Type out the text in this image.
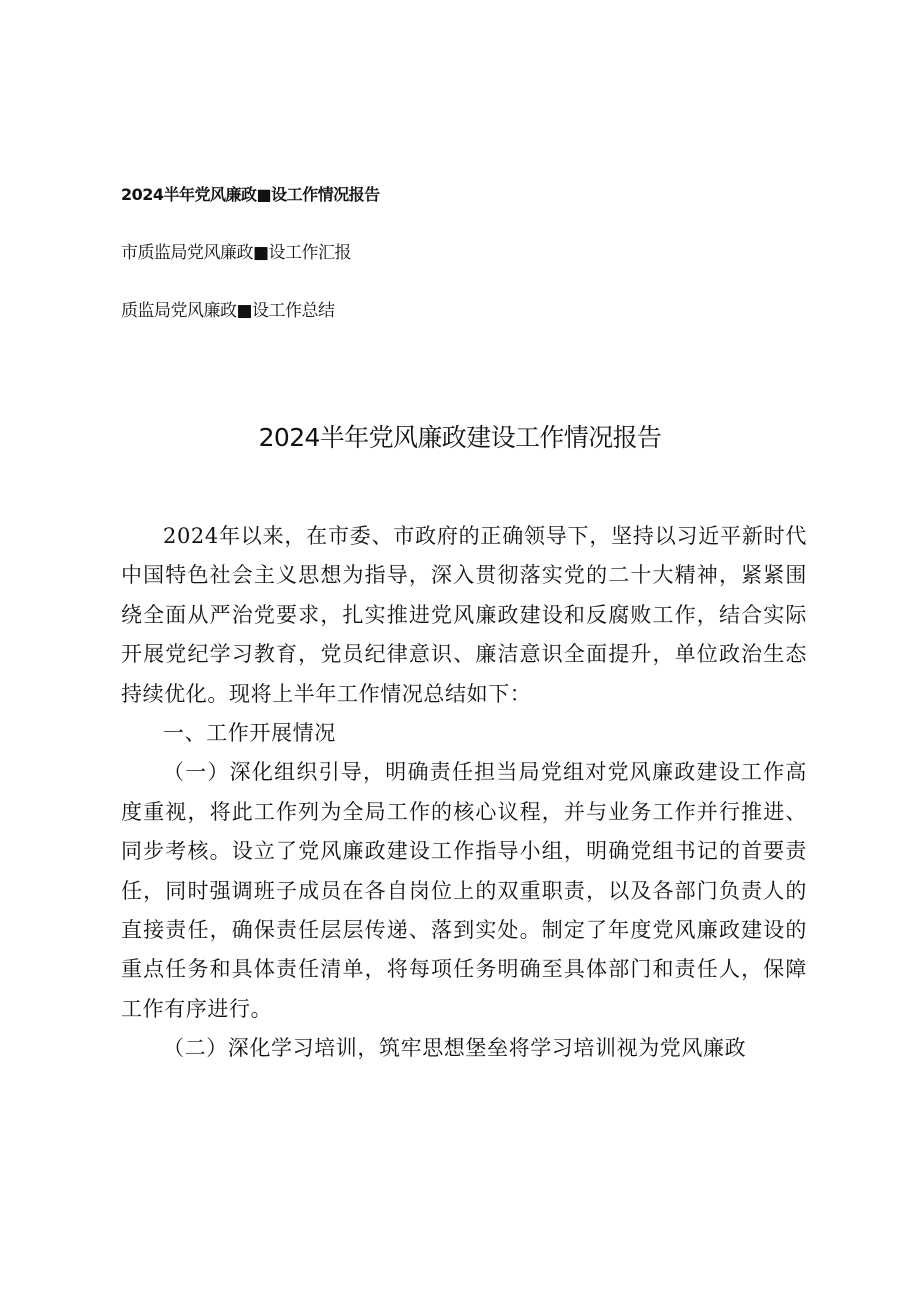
2024半年党风廉政■设工作情况报告
市质监局党风廉政■设工作汇报
质监局党风廉政■设工作总结
2024半年党风廉政建设工作情况报告

2024年以来，在市委、市政府的正确领导下，坚持以习近平新时代中国特色社会主义思想为指导，深入贯彻落实党的二十大精神，紧紧围绕全面从严治党要求，扎实推进党风廉政建设和反腐败工作，结合实际开展党纪学习教育，党员纪律意识、廉洁意识全面提升，单位政治生态持续优化。现将上半年工作情况总结如下：

一、工作开展情况

（一）深化组织引导，明确责任担当局党组对党风廉政建设工作高度重视，将此工作列为全局工作的核心议程，并与业务工作并行推进、同步考核。设立了党风廉政建设工作指导小组，明确党组书记的首要责任，同时强调班子成员在各自岗位上的双重职责，以及各部门负责人的直接责任，确保责任层层传递、落到实处。制定了年度党风廉政建设的重点任务和具体责任清单，将每项任务明确至具体部门和责任人，保障工作有序进行。

（二）深化学习培训，筑牢思想堡垒将学习培训视为党风廉政
